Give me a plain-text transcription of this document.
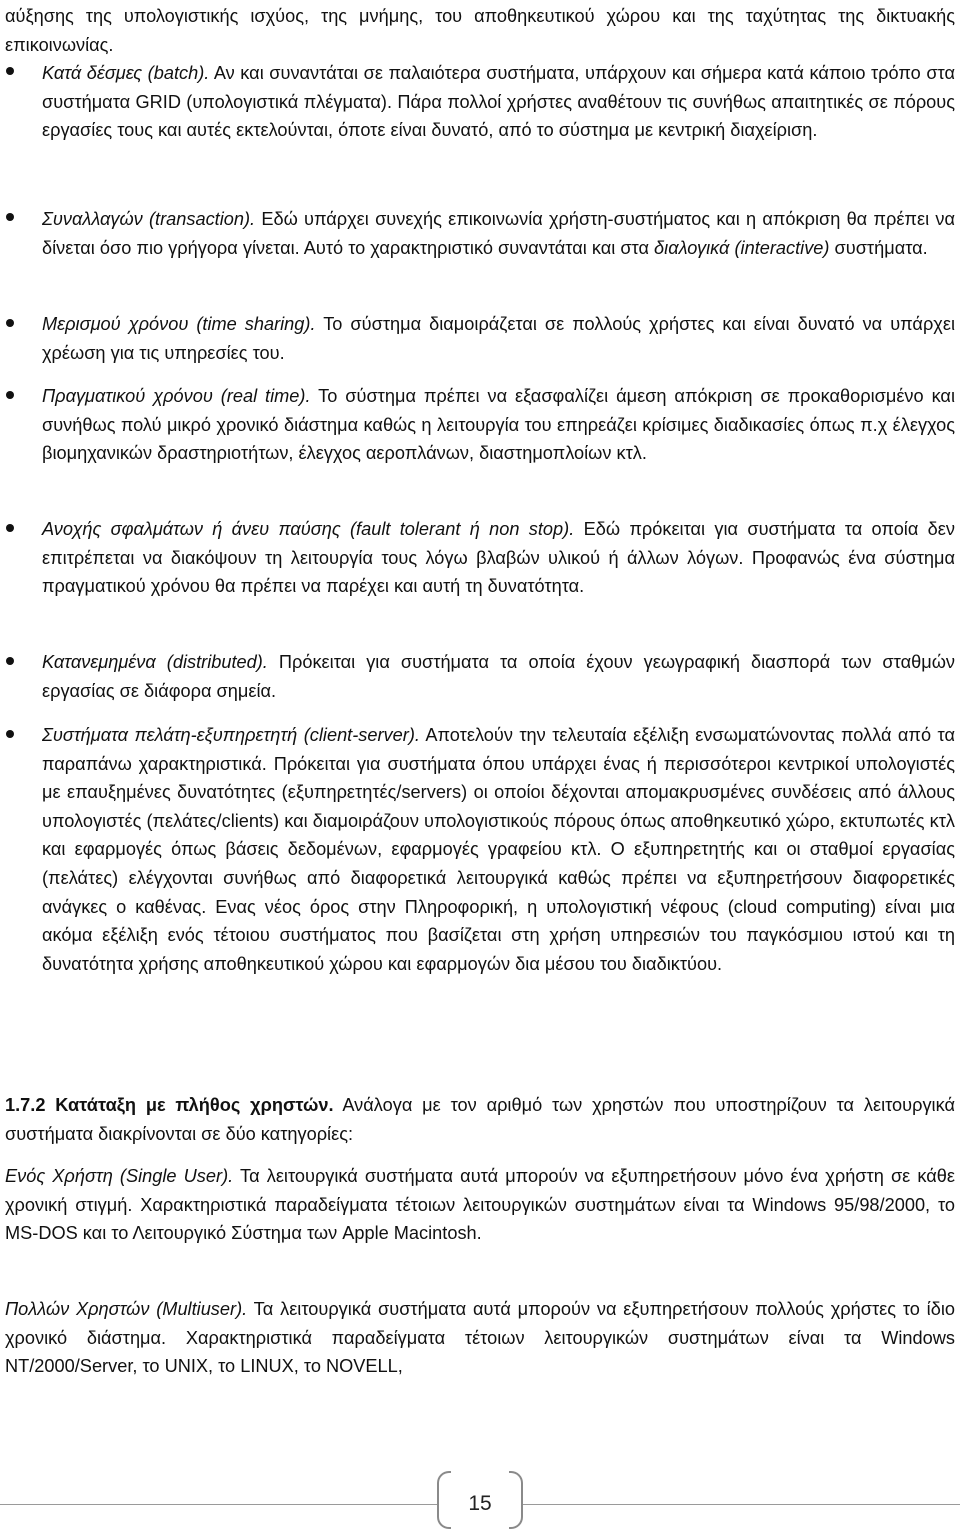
αύξησης της υπολογιστικής ισχύος, της μνήμης, του αποθηκευτικού χώρου και της ταχύτητας της δικτυακής επικοινωνίας.

Κατά δέσμες (batch). Αν και συναντάται σε παλαιότερα συστήματα, υπάρχουν και σήμερα κατά κάποιο τρόπο στα συστήματα GRID (υπολογιστικά πλέγματα). Πάρα πολλοί χρήστες αναθέτουν τις συνήθως απαιτητικές σε πόρους εργασίες τους και αυτές εκτελούνται, όποτε είναι δυνατό, από το σύστημα με κεντρική διαχείριση.

Συναλλαγών (transaction). Εδώ υπάρχει συνεχής επικοινωνία χρήστη-συστήματος και η απόκριση θα πρέπει να δίνεται όσο πιο γρήγορα γίνεται. Αυτό το χαρακτηριστικό συναντάται και στα διαλογικά (interactive) συστήματα.

Μερισμού χρόνου (time sharing). Το σύστημα διαμοιράζεται σε πολλούς χρήστες και είναι δυνατό να υπάρχει χρέωση για τις υπηρεσίες του.

Πραγματικού χρόνου (real time). Το σύστημα πρέπει να εξασφαλίζει άμεση απόκριση σε προκαθορισμένο και συνήθως πολύ μικρό χρονικό διάστημα καθώς η λειτουργία του επηρεάζει κρίσιμες διαδικασίες όπως π.χ έλεγχος βιομηχανικών δραστηριοτήτων, έλεγχος αεροπλάνων, διαστημοπλοίων κτλ.

Ανοχής σφαλμάτων ή άνευ παύσης (fault tolerant ή non stop). Εδώ πρόκειται για συστήματα τα οποία δεν επιτρέπεται να διακόψουν τη λειτουργία τους λόγω βλαβών υλικού ή άλλων λόγων. Προφανώς ένα σύστημα πραγματικού χρόνου θα πρέπει να παρέχει και αυτή τη δυνατότητα.

Κατανεμημένα (distributed). Πρόκειται για συστήματα τα οποία έχουν γεωγραφική διασπορά των σταθμών εργασίας σε διάφορα σημεία.

Συστήματα πελάτη-εξυπηρετητή (client-server). Αποτελούν την τελευταία εξέλιξη ενσωματώνοντας πολλά από τα παραπάνω χαρακτηριστικά. Πρόκειται για συστήματα όπου υπάρχει ένας ή περισσότεροι κεντρικοί υπολογιστές με επαυξημένες δυνατότητες (εξυπηρετητές/servers) οι οποίοι δέχονται απομακρυσμένες συνδέσεις από άλλους υπολογιστές (πελάτες/clients) και διαμοιράζουν υπολογιστικούς πόρους όπως αποθηκευτικό χώρο, εκτυπωτές κτλ και εφαρμογές όπως βάσεις δεδομένων, εφαρμογές γραφείου κτλ. Ο εξυπηρετητής και οι σταθμοί εργασίας (πελάτες) ελέγχονται συνήθως από διαφορετικά λειτουργικά καθώς πρέπει να εξυπηρετήσουν διαφορετικές ανάγκες ο καθένας. Ενας νέος όρος στην Πληροφορική, η υπολογιστική νέφους (cloud computing) είναι μια ακόμα εξέλιξη ενός τέτοιου συστήματος που βασίζεται στη χρήση υπηρεσιών του παγκόσμιου ιστού και τη δυνατότητα χρήσης αποθηκευτικού χώρου και εφαρμογών δια μέσου του διαδικτύου.

1.7.2 Κατάταξη με πλήθος χρηστών. Ανάλογα με τον αριθμό των χρηστών που υποστηρίζουν τα λειτουργικά συστήματα διακρίνονται σε δύο κατηγορίες:

Ενός Χρήστη (Single User). Τα λειτουργικά συστήματα αυτά μπορούν να εξυπηρετήσουν μόνο ένα χρήστη σε κάθε χρονική στιγμή. Χαρακτηριστικά παραδείγματα τέτοιων λειτουργικών συστημάτων είναι τα Windows 95/98/2000, το MS-DOS και το Λειτουργικό Σύστημα των Apple Macintosh.

Πολλών Χρηστών (Multiuser). Τα λειτουργικά συστήματα αυτά μπορούν να εξυπηρετήσουν πολλούς χρήστες το ίδιο χρονικό διάστημα. Χαρακτηριστικά παραδείγματα τέτοιων λειτουργικών συστημάτων είναι τα Windows NT/2000/Server, το UNIX, το LINUX, το NOVELL,

15
